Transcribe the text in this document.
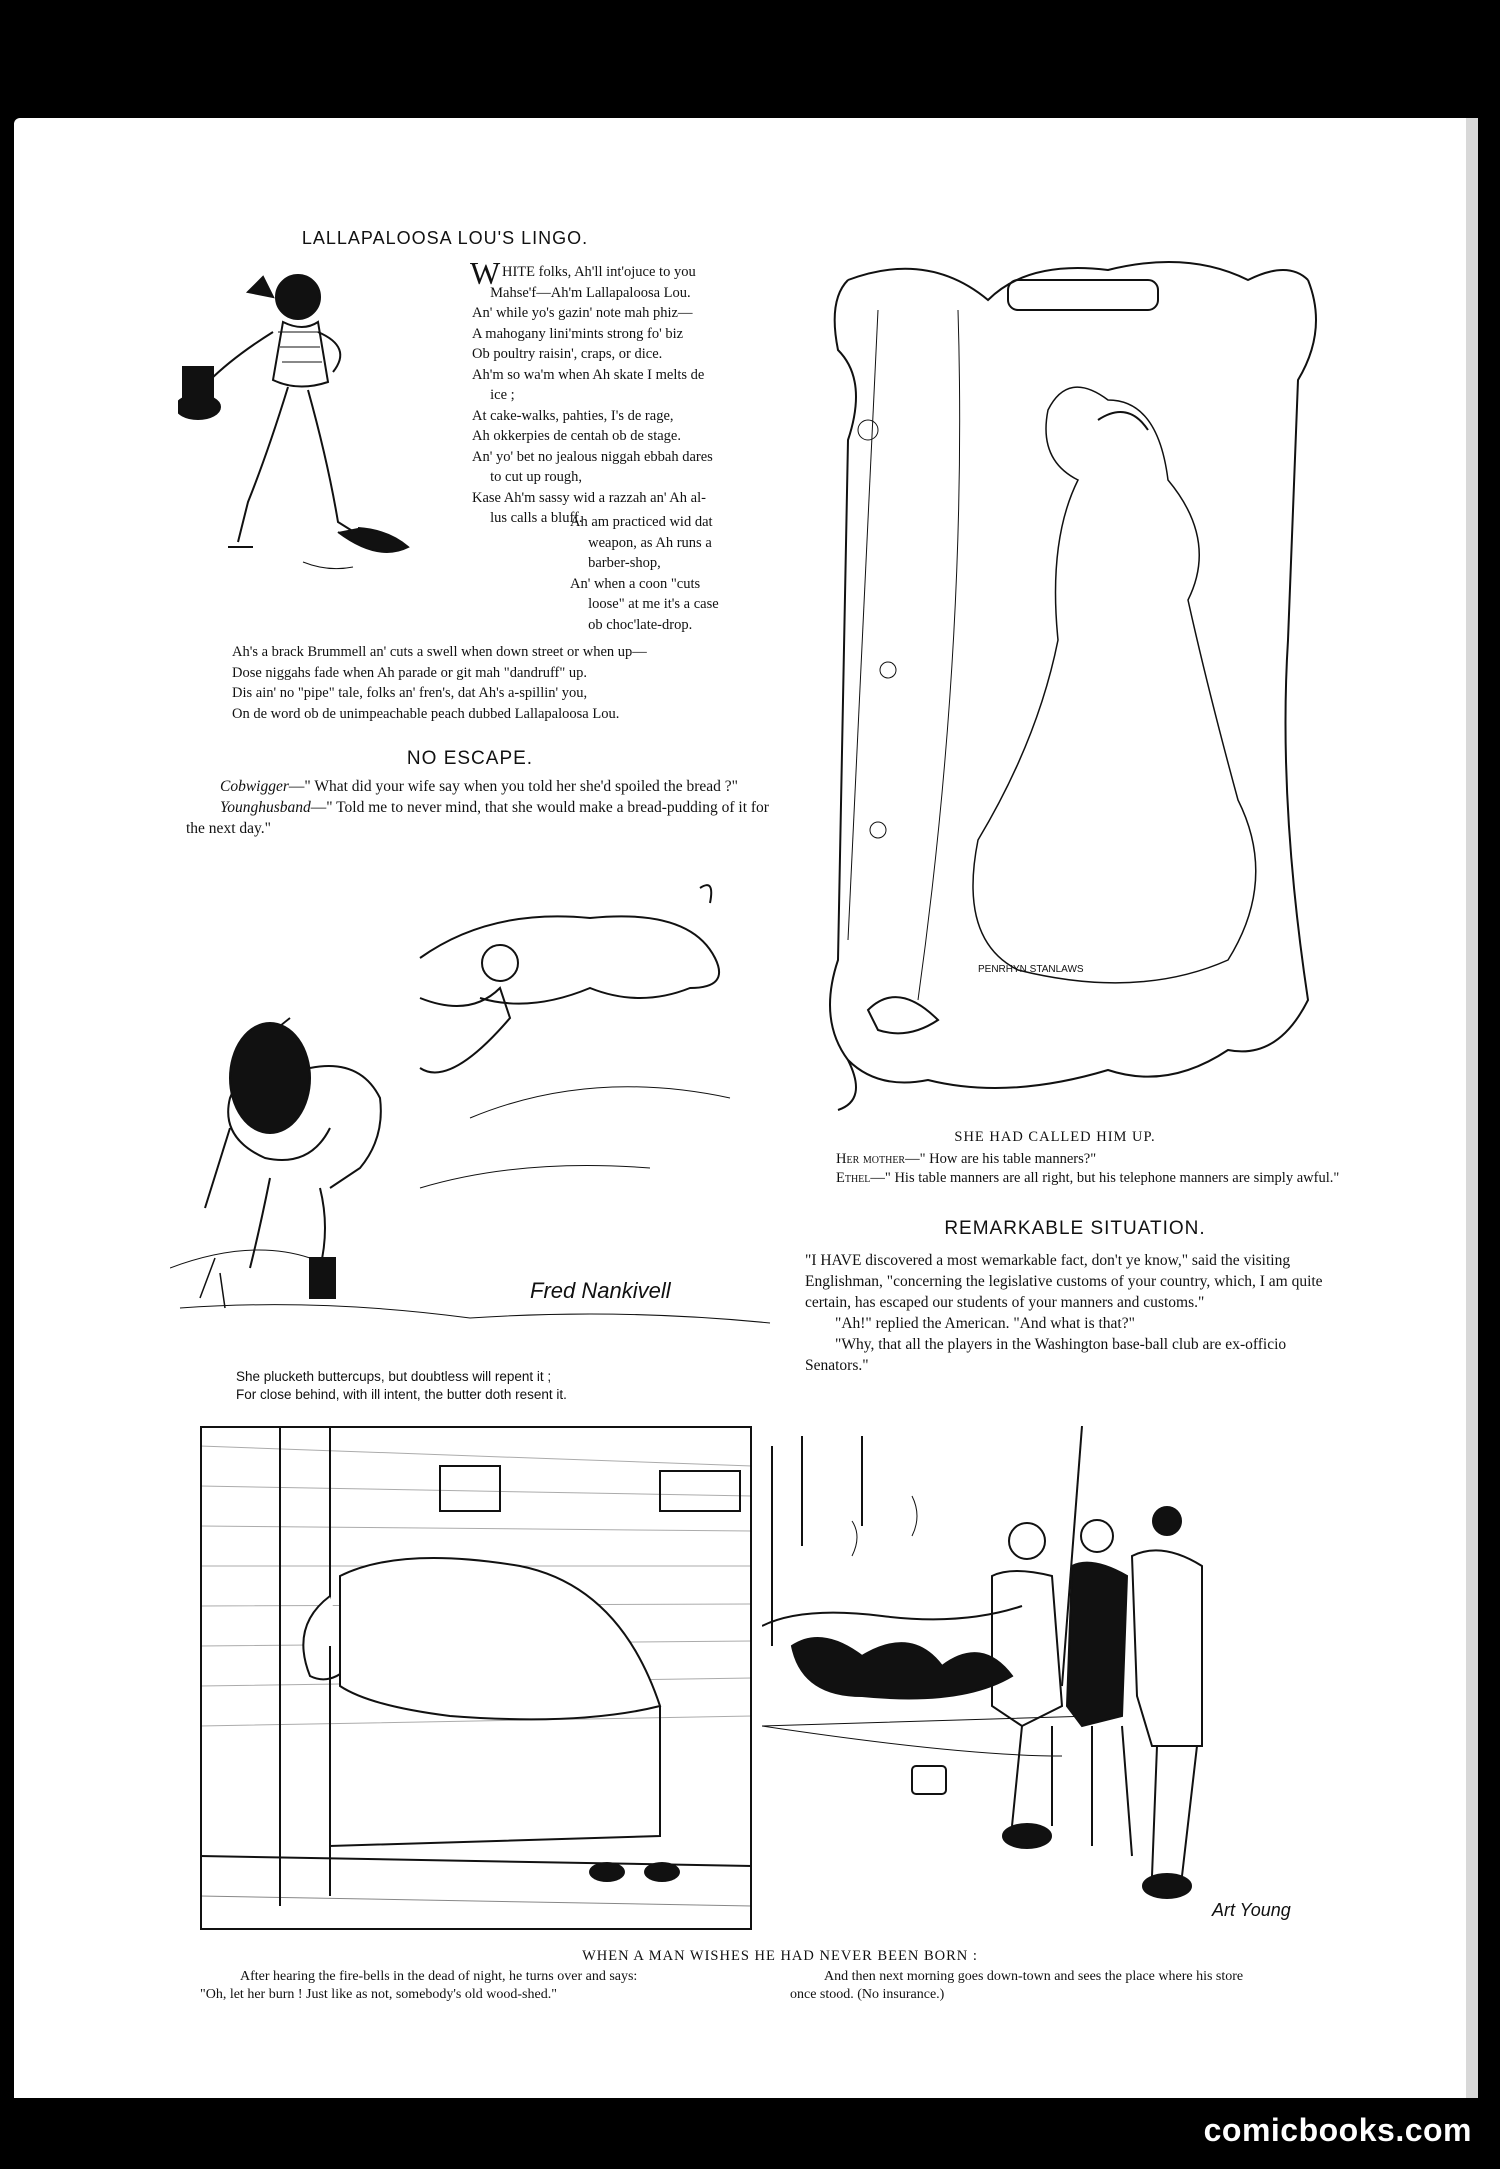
LALLAPALOOSA LOU'S LINGO.
W HITE folks, Ah'll int'ojuce to you
Mahse'f—Ah'm Lallapaloosa Lou.
An' while yo's gazin' note mah phiz—
A mahogany lini'mints strong fo' biz
Ob poultry raisin', craps, or dice.
Ah'm so wa'm when Ah skate I melts de
ice ;
At cake-walks, pahties, I's de rage,
Ah okkerpies de centah ob de stage.
An' yo' bet no jealous niggah ebbah dares
to cut up rough,
Kase Ah'm sassy wid a razzah an' Ah al-
lus calls a bluff.
Ah am practiced wid dat
weapon, as Ah runs a
barber-shop,
An' when a coon "cuts
loose" at me it's a case
ob choc'late-drop.
Ah's a brack Brummell an' cuts a swell when down street or when up—
Dose niggahs fade when Ah parade or git mah "dandruff" up.
Dis ain' no "pipe" tale, folks an' fren's, dat Ah's a-spillin' you,
On de word ob de unimpeachable peach dubbed Lallapaloosa Lou.
NO ESCAPE.
Cobwigger—" What did your wife say when you told her she'd spoiled the bread ?"
Younghusband—" Told me to never mind, that she would make a bread-pudding of it for the next day."
Fred Nankivell
She plucketh buttercups, but doubtless will repent it ;
For close behind, with ill intent, the butter doth resent it.
PENRHYN STANLAWS
SHE HAD CALLED HIM UP.
Her mother—" How are his table manners?"
Ethel—" His table manners are all right, but his telephone manners are simply awful."
REMARKABLE SITUATION.
"I HAVE discovered a most wemarkable fact, don't ye know," said the visiting Englishman, "concerning the legislative customs of your country, which, I am quite certain, has escaped our students of your manners and customs."
"Ah!" replied the American. "And what is that?"
"Why, that all the players in the Washington base-ball club are ex-officio Senators."
Art Young
WHEN A MAN WISHES HE HAD NEVER BEEN BORN :
After hearing the fire-bells in the dead of night, he turns over and says:
"Oh, let her burn ! Just like as not, somebody's old wood-shed."
And then next morning goes down-town and sees the place where his store
once stood. (No insurance.)
comicbooks.com
